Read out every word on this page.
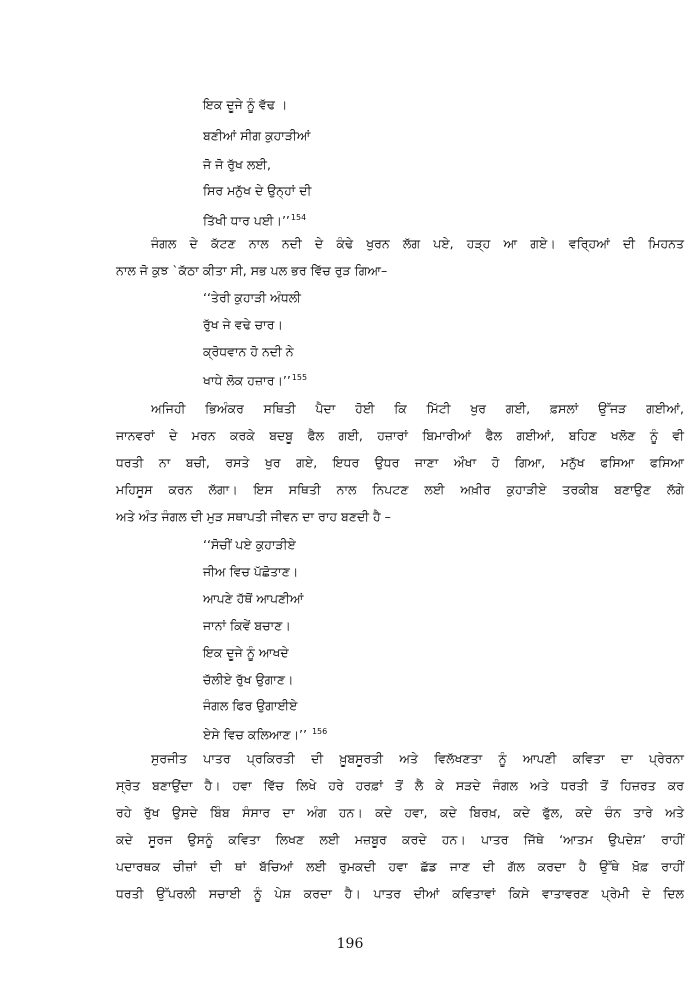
ਇਕ ਦੂਜੇ ਨੂੰ ਵੱਢ ।
ਬਣੀਆਂ ਸੀਗ ਕੁਹਾੜੀਆਂ
ਜੋ ਜੋ ਰੁੱਖ ਲਈ,
ਸਿਰ ਮਨੁੱਖ ਦੇ ਉਨ੍ਹਾਂ ਦੀ
ਤਿੱਖੀ ਧਾਰ ਪਈ।’’$^{154}$
ਜੰਗਲ ਦੇ ਕੱਟਣ ਨਾਲ ਨਦੀ ਦੇ ਕੰਢੇ ਖੁਰਨ ਲੱਗ ਪਏ, ਹੜ੍ਹ ਆ ਗਏ। ਵਰ੍ਹਿਆਂ ਦੀ ਮਿਹਨਤ
ਨਾਲ ਜੋ ਕੁਝ `ਕੱਠਾ ਕੀਤਾ ਸੀ, ਸਭ ਪਲ ਭਰ ਵਿੱਚ ਰੁੜ ਗਿਆ–
‘‘ਤੇਰੀ ਕੁਹਾੜੀ ਅੰਧਲੀ
ਰੁੱਖ ਜੇ ਵਢੇ ਚਾਰ।
ਕ੍ਰੋਧਵਾਨ ਹੋ ਨਦੀ ਨੇ
ਖਾਧੇ ਲੋਕ ਹਜ਼ਾਰ।’’$^{155}$
ਅਜਿਹੀ ਭਿਅੰਕਰ ਸਥਿਤੀ ਪੈਦਾ ਹੋਈ ਕਿ ਮਿੱਟੀ ਖੁਰ ਗਈ, ਫ਼ਸਲਾਂ ਉੱਜੜ ਗਈਆਂ,
ਜਾਨਵਰਾਂ ਦੇ ਮਰਨ ਕਰਕੇ ਬਦਬੂ ਫੈਲ ਗਈ, ਹਜ਼ਾਰਾਂ ਬਿਮਾਰੀਆਂ ਫੈਲ ਗਈਆਂ, ਬਹਿਣ ਖਲੋਣ ਨੂੰ ਵੀ
ਧਰਤੀ ਨਾ ਬਚੀ, ਰਸਤੇ ਖੁਰ ਗਏ, ਇਧਰ ਉਧਰ ਜਾਣਾ ਔਖਾ ਹੋ ਗਿਆ, ਮਨੁੱਖ ਫਸਿਆ ਫਸਿਆ
ਮਹਿਸੂਸ ਕਰਨ ਲੱਗਾ। ਇਸ ਸਥਿਤੀ ਨਾਲ ਨਿਪਟਣ ਲਈ ਅਖ਼ੀਰ ਕੁਹਾੜੀਏ ਤਰਕੀਬ ਬਣਾਉਣ ਲੱਗੇ
ਅਤੇ ਅੰਤ ਜੰਗਲ ਦੀ ਮੁੜ ਸਥਾਪਤੀ ਜੀਵਨ ਦਾ ਰਾਹ ਬਣਦੀ ਹੈ –
‘‘ਸੋਚੀਂ ਪਏ ਕੁਹਾੜੀਏ
ਜੀਅ ਵਿਚ ਪੱਛੋਤਾਣ।
ਆਪਣੇ ਹੱਥੋਂ ਆਪਣੀਆਂ
ਜਾਨਾਂ ਕਿਵੇਂ ਬਚਾਣ।
ਇਕ ਦੂਜੇ ਨੂੰ ਆਖਦੇ
ਚੱਲੀਏ ਰੁੱਖ ਉਗਾਣ।
ਜੰਗਲ ਫਿਰ ਉਗਾਈਏ
ਏਸੇ ਵਿਚ ਕਲਿਆਣ।’’ $^{156}$
ਸੁਰਜੀਤ ਪਾਤਰ ਪ੍ਰਕਿਰਤੀ ਦੀ ਖ਼ੂਬਸੂਰਤੀ ਅਤੇ ਵਿਲੱਖਣਤਾ ਨੂੰ ਆਪਣੀ ਕਵਿਤਾ ਦਾ ਪ੍ਰੇਰਨਾ
ਸ੍ਰੋਤ ਬਣਾਉਂਦਾ ਹੈ। ਹਵਾ ਵਿੱਚ ਲਿਖੇ ਹਰੇ ਹਰਫ਼ਾਂ ਤੋਂ ਲੈ ਕੇ ਸੜਦੇ ਜੰਗਲ ਅਤੇ ਧਰਤੀ ਤੋਂ ਹਿਜ਼ਰਤ ਕਰ
ਰਹੇ ਰੁੱਖ ਉਸਦੇ ਬਿੰਬ ਸੰਸਾਰ ਦਾ ਅੰਗ ਹਨ। ਕਦੇ ਹਵਾ, ਕਦੇ ਬਿਰਖ਼, ਕਦੇ ਫੁੱਲ, ਕਦੇ ਚੰਨ ਤਾਰੇ ਅਤੇ
ਕਦੇ ਸੂਰਜ ਉਸਨੂੰ ਕਵਿਤਾ ਲਿਖਣ ਲਈ ਮਜ਼ਬੂਰ ਕਰਦੇ ਹਨ। ਪਾਤਰ ਜਿੱਥੇ ‘ਆਤਮ ਉਪਦੇਸ਼’ ਰਾਹੀਂ
ਪਦਾਰਥਕ ਚੀਜ਼ਾਂ ਦੀ ਥਾਂ ਬੱਚਿਆਂ ਲਈ ਰੁਮਕਦੀ ਹਵਾ ਛੱਡ ਜਾਣ ਦੀ ਗੱਲ ਕਰਦਾ ਹੈ ਉੱਥੇ ਖ਼ੋਫ਼ ਰਾਹੀਂ
ਧਰਤੀ ਉੱਪਰਲੀ ਸਚਾਈ ਨੂੰ ਪੇਸ਼ ਕਰਦਾ ਹੈ। ਪਾਤਰ ਦੀਆਂ ਕਵਿਤਾਵਾਂ ਕਿਸੇ ਵਾਤਾਵਰਣ ਪ੍ਰੇਮੀ ਦੇ ਦਿਲ
196
